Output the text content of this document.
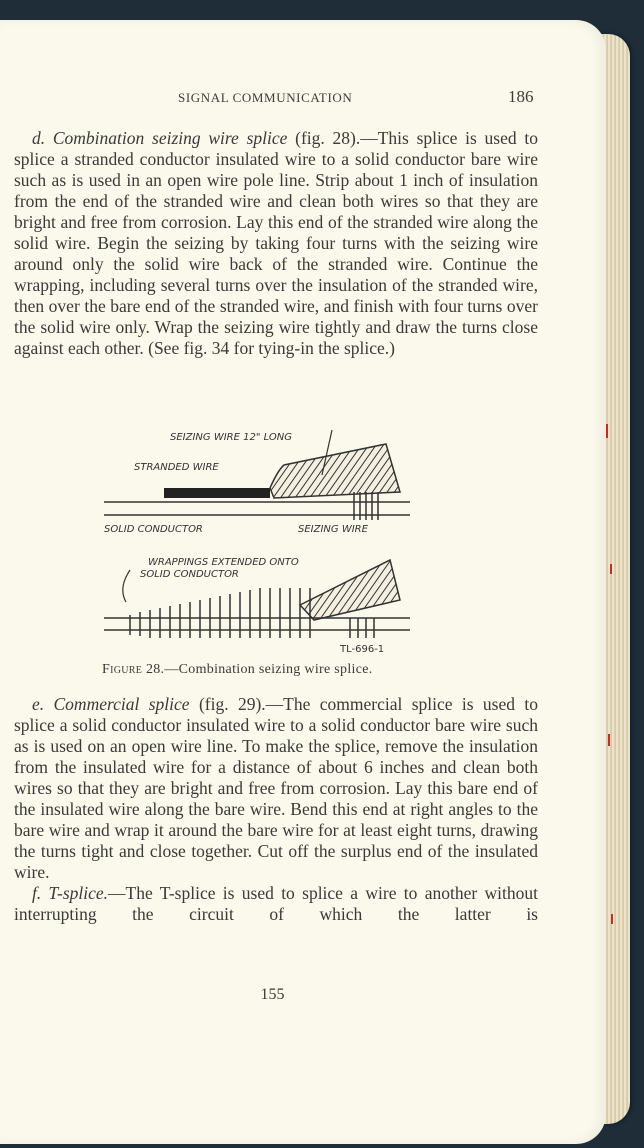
SIGNAL COMMUNICATION	186

d. Combination seizing wire splice (fig. 28).—This splice is used to splice a stranded conductor insulated wire to a solid conductor bare wire such as is used in an open wire pole line. Strip about 1 inch of insulation from the end of the stranded wire and clean both wires so that they are bright and free from corrosion. Lay this end of the stranded wire along the solid wire. Begin the seizing by taking four turns with the seizing wire around only the solid wire back of the stranded wire. Continue the wrapping, including several turns over the insulation of the stranded wire, then over the bare end of the stranded wire, and finish with four turns over the solid wire only. Wrap the seizing wire tightly and draw the turns close against each other. (See fig. 34 for tying-in the splice.)

SEIZING WIRE 12" LONG
STRANDED WIRE
SOLID CONDUCTOR	SEIZING WIRE
WRAPPINGS EXTENDED ONTO
SOLID CONDUCTOR
TL-696-1
Figure 28.—Combination seizing wire splice.

e. Commercial splice (fig. 29).—The commercial splice is used to splice a solid conductor insulated wire to a solid conductor bare wire such as is used on an open wire line. To make the splice, remove the insulation from the insulated wire for a distance of about 6 inches and clean both wires so that they are bright and free from corrosion. Lay this bare end of the insulated wire along the bare wire. Bend this end at right angles to the bare wire and wrap it around the bare wire for at least eight turns, drawing the turns tight and close together. Cut off the surplus end of the insulated wire.

f. T-splice.—The T-splice is used to splice a wire to another without interrupting the circuit of which the latter is

155
